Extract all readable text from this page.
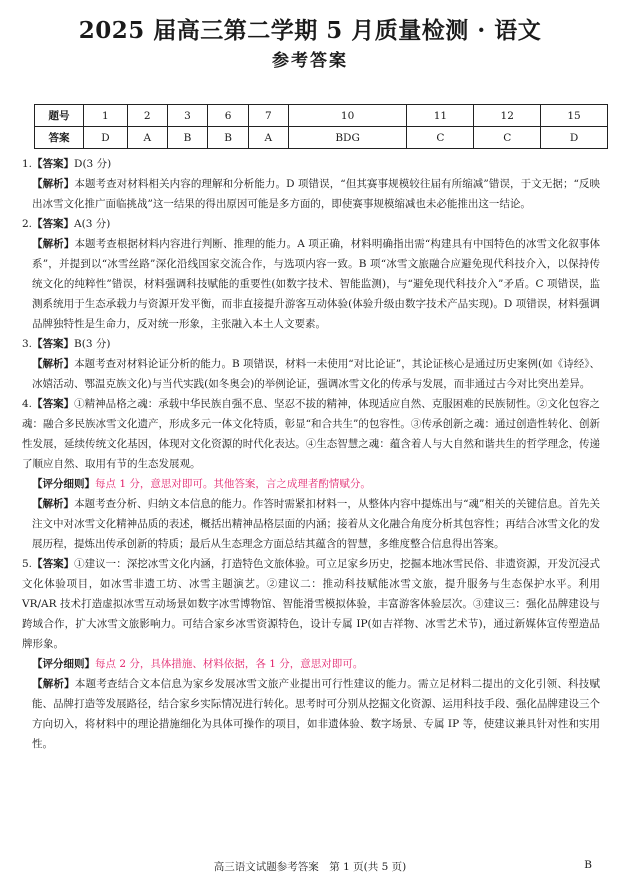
2025 届高三第二学期 5 月质量检测 · 语文
参考答案
题号	1	2	3	6	7	10	11	12	15
答案	D	A	B	B	A	BDG	C	C	D

1.【答案】D(3 分)

【解析】本题考查对材料相关内容的理解和分析能力。D 项错误，“但其赛事规模较往届有所缩减”错误，于文无据；“反映出冰雪文化推广面临挑战”这一结果的得出原因可能是多方面的，即使赛事规模缩减也未必能推出这一结论。

2.【答案】A(3 分)

【解析】本题考查根据材料内容进行判断、推理的能力。A 项正确，材料明确指出需“构建具有中国特色的冰雪文化叙事体系”，并提到以“冰雪丝路”深化沿线国家交流合作，与选项内容一致。B 项“冰雪文旅融合应避免现代科技介入，以保持传统文化的纯粹性”错误，材料强调科技赋能的重要性(如数字技术、智能监测)，与“避免现代科技介入”矛盾。C 项错误，监测系统用于生态承载力与资源开发平衡，而非直接提升游客互动体验(体验升级由数字技术产品实现)。D 项错误，材料强调品牌独特性是生命力，反对统一形象，主张融入本土人文要素。

3.【答案】B(3 分)

【解析】本题考查对材料论证分析的能力。B 项错误，材料一未使用“对比论证”，其论证核心是通过历史案例(如《诗经》、冰嬉活动、鄂温克族文化)与当代实践(如冬奥会)的举例论证，强调冰雪文化的传承与发展，而非通过古今对比突出差异。

4.【答案】①精神品格之魂：承载中华民族自强不息、坚忍不拔的精神，体现适应自然、克服困难的民族韧性。②文化包容之魂：融合多民族冰雪文化遗产，形成多元一体文化特质，彰显“和合共生”的包容性。③传承创新之魂：通过创造性转化、创新性发展，延续传统文化基因，体现对文化资源的时代化表达。④生态智慧之魂：蕴含着人与大自然和谐共生的哲学理念，传递了顺应自然、取用有节的生态发展观。

【评分细则】每点 1 分，意思对即可。其他答案，言之成理者酌情赋分。

【解析】本题考查分析、归纳文本信息的能力。作答时需紧扣材料一，从整体内容中提炼出与“魂”相关的关键信息。首先关注文中对冰雪文化精神品质的表述，概括出精神品格层面的内涵；接着从文化融合角度分析其包容性；再结合冰雪文化的发展历程，提炼出传承创新的特质；最后从生态理念方面总结其蕴含的智慧，多维度整合信息得出答案。

5.【答案】①建议一：深挖冰雪文化内涵，打造特色文旅体验。可立足家乡历史，挖掘本地冰雪民俗、非遗资源，开发沉浸式文化体验项目，如冰雪非遗工坊、冰雪主题演艺。②建议二：推动科技赋能冰雪文旅，提升服务与生态保护水平。利用 VR/AR 技术打造虚拟冰雪互动场景如数字冰雪博物馆、智能滑雪模拟体验，丰富游客体验层次。③建议三：强化品牌建设与跨域合作，扩大冰雪文旅影响力。可结合家乡冰雪资源特色，设计专属 IP(如吉祥物、冰雪艺术节)，通过新媒体宣传塑造品牌形象。

【评分细则】每点 2 分，具体措施、材料依据，各 1 分，意思对即可。

【解析】本题考查结合文本信息为家乡发展冰雪文旅产业提出可行性建议的能力。需立足材料二提出的文化引领、科技赋能、品牌打造等发展路径，结合家乡实际情况进行转化。思考时可分别从挖掘文化资源、运用科技手段、强化品牌建设三个方向切入，将材料中的理论措施细化为具体可操作的项目，如非遗体验、数字场景、专属 IP 等，使建议兼具针对性和实用性。

高三语文试题参考答案　第 1 页(共 5 页)	B
